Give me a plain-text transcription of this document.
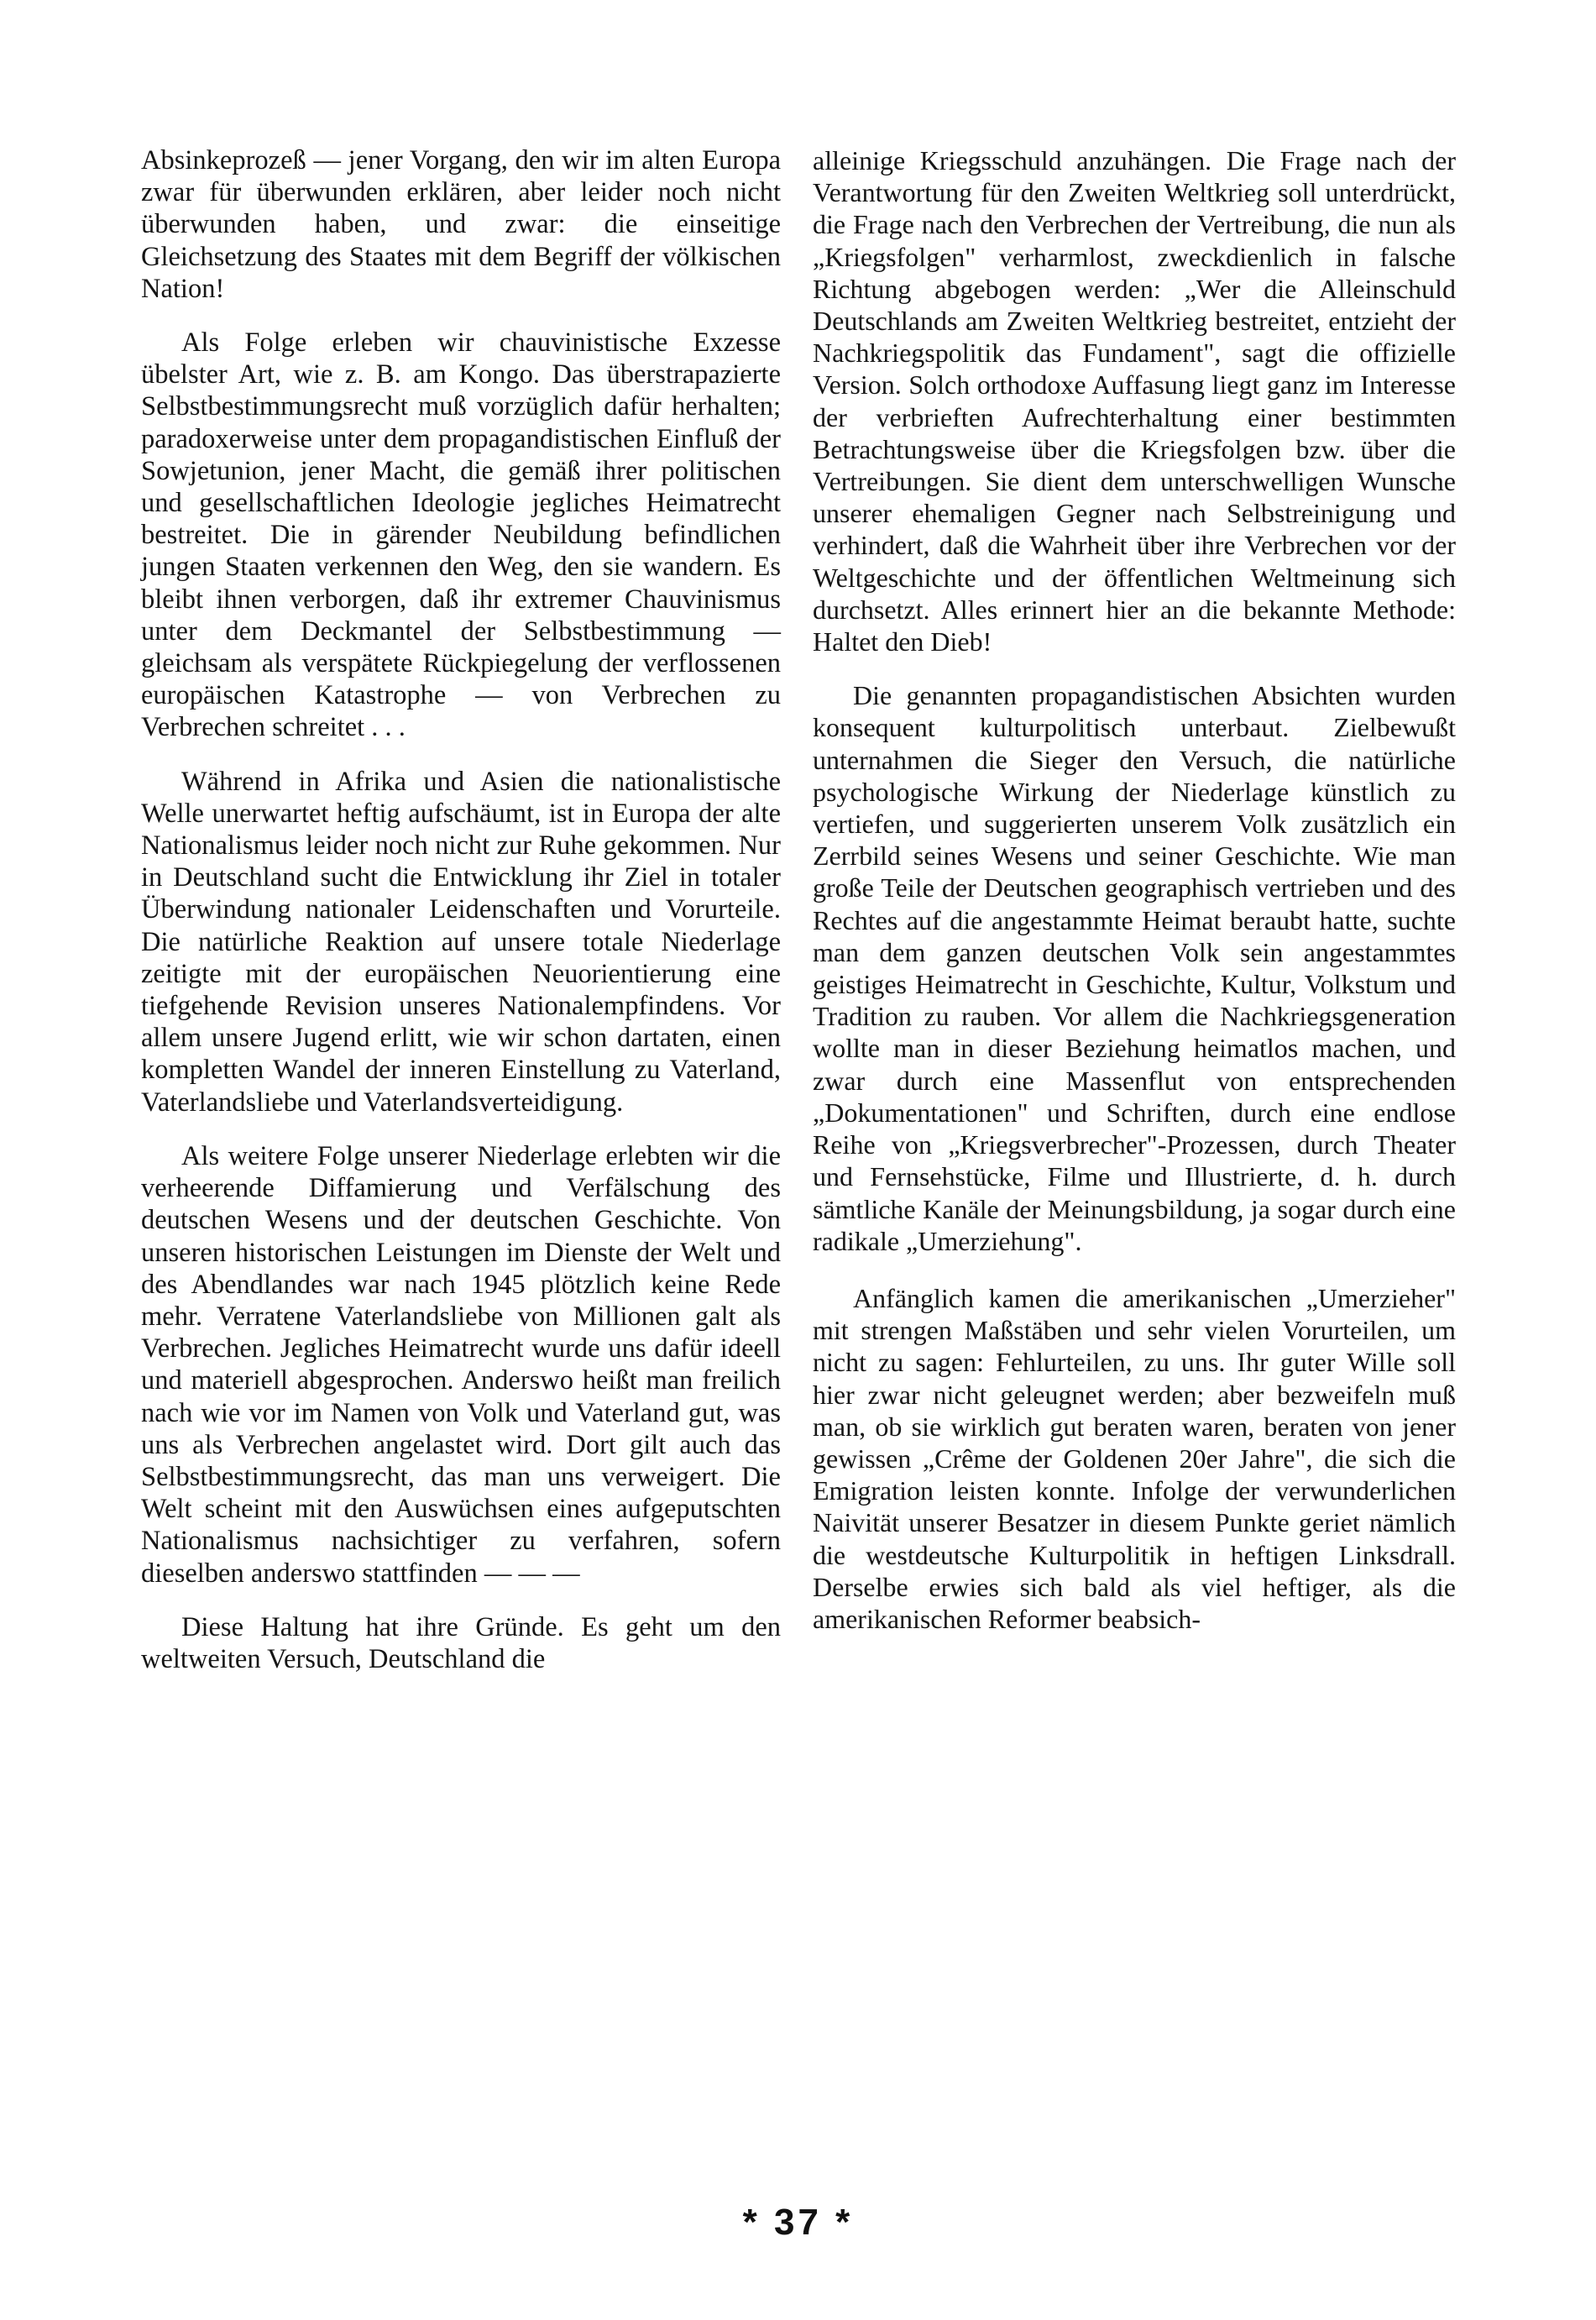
Absinkeprozeß — jener Vorgang, den wir im alten Europa zwar für überwunden erklären, aber leider noch nicht überwunden haben, und zwar: die einseitige Gleichsetzung des Staates mit dem Begriff der völkischen Nation!

Als Folge erleben wir chauvinistische Exzesse übelster Art, wie z. B. am Kongo. Das überstrapazierte Selbstbestimmungsrecht muß vorzüglich dafür herhalten; paradoxerweise unter dem propagandistischen Einfluß der Sowjetunion, jener Macht, die gemäß ihrer politischen und gesellschaftlichen Ideologie jegliches Heimatrecht bestreitet. Die in gärender Neubildung befindlichen jungen Staaten verkennen den Weg, den sie wandern. Es bleibt ihnen verborgen, daß ihr extremer Chauvinismus unter dem Deckmantel der Selbstbestimmung — gleichsam als verspätete Rückpiegelung der verflossenen europäischen Katastrophe — von Verbrechen zu Verbrechen schreitet . . .

Während in Afrika und Asien die nationalistische Welle unerwartet heftig aufschäumt, ist in Europa der alte Nationalismus leider noch nicht zur Ruhe gekommen. Nur in Deutschland sucht die Entwicklung ihr Ziel in totaler Überwindung nationaler Leidenschaften und Vorurteile. Die natürliche Reaktion auf unsere totale Niederlage zeitigte mit der europäischen Neuorientierung eine tiefgehende Revision unseres Nationalempfindens. Vor allem unsere Jugend erlitt, wie wir schon dartaten, einen kompletten Wandel der inneren Einstellung zu Vaterland, Vaterlandsliebe und Vaterlandsverteidigung.

Als weitere Folge unserer Niederlage erlebten wir die verheerende Diffamierung und Verfälschung des deutschen Wesens und der deutschen Geschichte. Von unseren historischen Leistungen im Dienste der Welt und des Abendlandes war nach 1945 plötzlich keine Rede mehr. Verratene Vaterlandsliebe von Millionen galt als Verbrechen. Jegliches Heimatrecht wurde uns dafür ideell und materiell abgesprochen. Anderswo heißt man freilich nach wie vor im Namen von Volk und Vaterland gut, was uns als Verbrechen angelastet wird. Dort gilt auch das Selbstbestimmungsrecht, das man uns verweigert. Die Welt scheint mit den Auswüchsen eines aufgeputschten Nationalismus nachsichtiger zu verfahren, sofern dieselben anderswo stattfinden — — —

Diese Haltung hat ihre Gründe. Es geht um den weltweiten Versuch, Deutschland die

alleinige Kriegsschuld anzuhängen. Die Frage nach der Verantwortung für den Zweiten Weltkrieg soll unterdrückt, die Frage nach den Verbrechen der Vertreibung, die nun als „Kriegsfolgen" verharmlost, zweckdienlich in falsche Richtung abgebogen werden: „Wer die Alleinschuld Deutschlands am Zweiten Weltkrieg bestreitet, entzieht der Nachkriegspolitik das Fundament", sagt die offizielle Version. Solch orthodoxe Auffasung liegt ganz im Interesse der verbrieften Aufrechterhaltung einer bestimmten Betrachtungsweise über die Kriegsfolgen bzw. über die Vertreibungen. Sie dient dem unterschwelligen Wunsche unserer ehemaligen Gegner nach Selbstreinigung und verhindert, daß die Wahrheit über ihre Verbrechen vor der Weltgeschichte und der öffentlichen Weltmeinung sich durchsetzt. Alles erinnert hier an die bekannte Methode: Haltet den Dieb!

Die genannten propagandistischen Absichten wurden konsequent kulturpolitisch unterbaut. Zielbewußt unternahmen die Sieger den Versuch, die natürliche psychologische Wirkung der Niederlage künstlich zu vertiefen, und suggerierten unserem Volk zusätzlich ein Zerrbild seines Wesens und seiner Geschichte. Wie man große Teile der Deutschen geographisch vertrieben und des Rechtes auf die angestammte Heimat beraubt hatte, suchte man dem ganzen deutschen Volk sein angestammtes geistiges Heimatrecht in Geschichte, Kultur, Volkstum und Tradition zu rauben. Vor allem die Nachkriegsgeneration wollte man in dieser Beziehung heimatlos machen, und zwar durch eine Massenflut von entsprechenden „Dokumentationen" und Schriften, durch eine endlose Reihe von „Kriegsverbrecher"-Prozessen, durch Theater und Fernsehstücke, Filme und Illustrierte, d. h. durch sämtliche Kanäle der Meinungsbildung, ja sogar durch eine radikale „Umerziehung".

Anfänglich kamen die amerikanischen „Umerzieher" mit strengen Maßstäben und sehr vielen Vorurteilen, um nicht zu sagen: Fehlurteilen, zu uns. Ihr guter Wille soll hier zwar nicht geleugnet werden; aber bezweifeln muß man, ob sie wirklich gut beraten waren, beraten von jener gewissen „Crême der Goldenen 20er Jahre", die sich die Emigration leisten konnte. Infolge der verwunderlichen Naivität unserer Besatzer in diesem Punkte geriet nämlich die westdeutsche Kulturpolitik in heftigen Linksdrall. Derselbe erwies sich bald als viel heftiger, als die amerikanischen Reformer beabsich-

* 37 *
